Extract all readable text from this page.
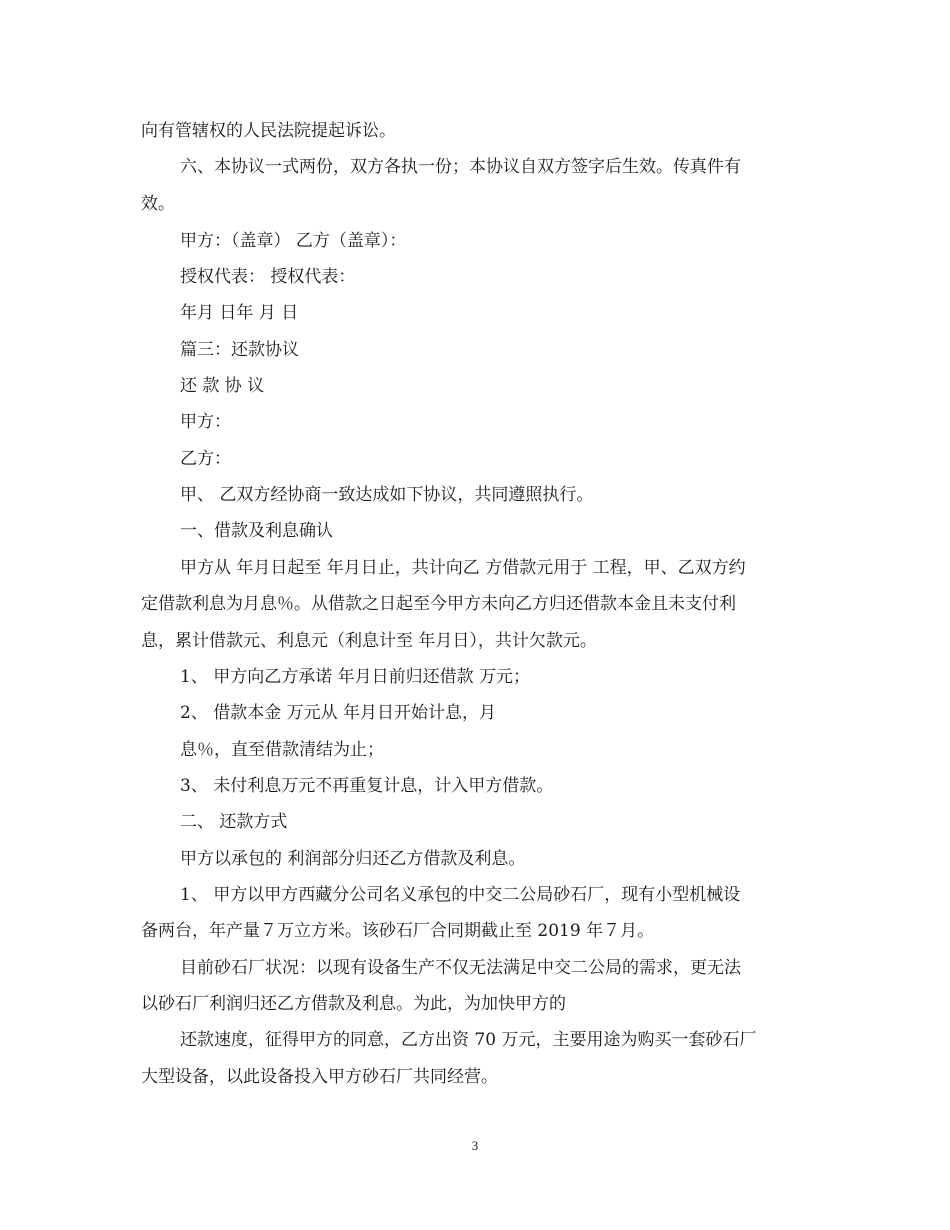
向有管辖权的人民法院提起诉讼。
六、本协议一式两份，双方各执一份；本协议自双方签字后生效。传真件有
效。
甲方：（盖章） 乙方（盖章）：
授权代表： 授权代表：
年月 日年 月 日
篇三：还款协议
还 款 协 议
甲方：
乙方：
甲、 乙双方经协商一致达成如下协议，共同遵照执行。
一、借款及利息确认
甲方从 年月日起至 年月日止，共计向乙 方借款元用于 工程，甲、乙双方约
定借款利息为月息％。从借款之日起至今甲方未向乙方归还借款本金且未支付利
息，累计借款元、利息元（利息计至 年月日），共计欠款元。
1、 甲方向乙方承诺 年月日前归还借款 万元；
2、 借款本金 万元从 年月日开始计息，月
息％，直至借款清结为止；
3、 未付利息万元不再重复计息，计入甲方借款。
二、 还款方式
甲方以承包的 利润部分归还乙方借款及利息。
1、 甲方以甲方西藏分公司名义承包的中交二公局砂石厂，现有小型机械设
备两台，年产量７万立方米。该砂石厂合同期截止至 2019 年７月。
目前砂石厂状况：以现有设备生产不仅无法满足中交二公局的需求，更无法
以砂石厂利润归还乙方借款及利息。为此，为加快甲方的
还款速度，征得甲方的同意，乙方出资 70 万元，主要用途为购买一套砂石厂
大型设备，以此设备投入甲方砂石厂共同经营。
3
